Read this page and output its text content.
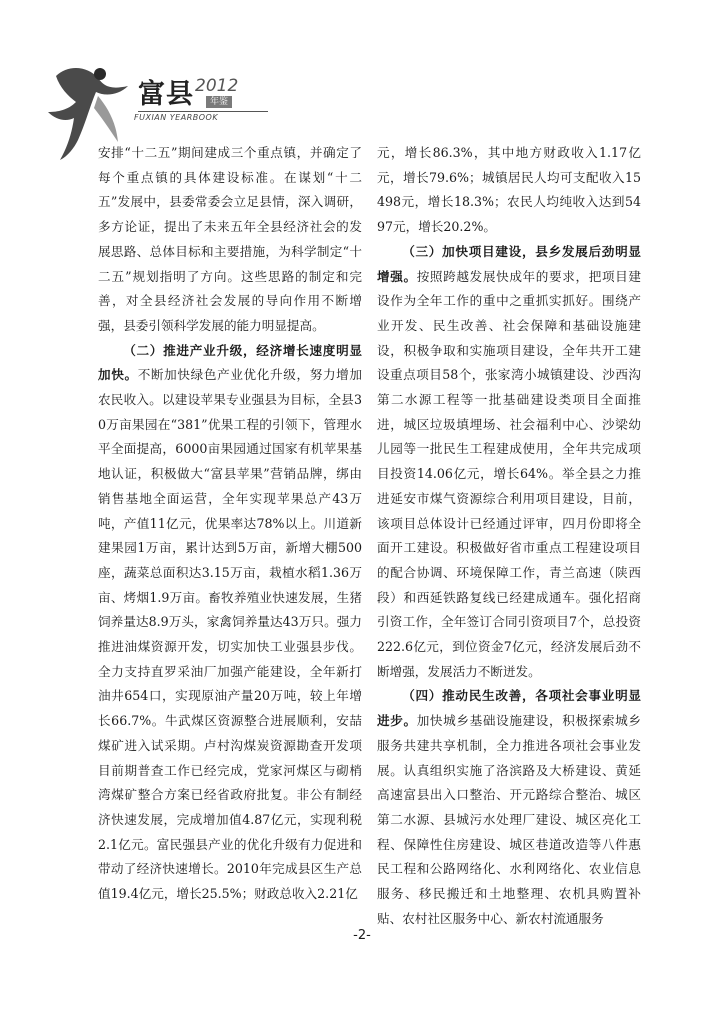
富县 2012
年鉴
FUXIAN YEARBOOK

安排“十二五”期间建成三个重点镇，并确定了每个重点镇的具体建设标准。在谋划“十二五”发展中，县委常委会立足县情，深入调研，多方论证，提出了未来五年全县经济社会的发展思路、总体目标和主要措施，为科学制定“十二五”规划指明了方向。这些思路的制定和完善，对全县经济社会发展的导向作用不断增强，县委引领科学发展的能力明显提高。

（二）推进产业升级，经济增长速度明显加快。不断加快绿色产业优化升级，努力增加农民收入。以建设苹果专业强县为目标，全县30万亩果园在“381”优果工程的引领下，管理水平全面提高，6000亩果园通过国家有机苹果基地认证，积极做大“富县苹果”营销品牌，绑由销售基地全面运营，全年实现苹果总产43万吨，产值11亿元，优果率达78%以上。川道新建果园1万亩，累计达到5万亩，新增大棚500座，蔬菜总面积达3.15万亩，栽植水稻1.36万亩、烤烟1.9万亩。畜牧养殖业快速发展，生猪饲养量达8.9万头，家禽饲养量达43万只。强力推进油煤资源开发，切实加快工业强县步伐。全力支持直罗采油厂加强产能建设，全年新打油井654口，实现原油产量20万吨，较上年增长66.7%。牛武煤区资源整合进展顺利，安喆煤矿进入试采期。卢村沟煤炭资源勘查开发项目前期普查工作已经完成，党家河煤区与砌梢湾煤矿整合方案已经省政府批复。非公有制经济快速发展，完成增加值4.87亿元，实现利税2.1亿元。富民强县产业的优化升级有力促进和带动了经济快速增长。2010年完成县区生产总值19.4亿元，增长25.5%；财政总收入2.21亿

元，增长86.3%，其中地方财政收入1.17亿元，增长79.6%；城镇居民人均可支配收入15498元，增长18.3%；农民人均纯收入达到5497元，增长20.2%。

（三）加快项目建设，县乡发展后劲明显增强。按照跨越发展快成年的要求，把项目建设作为全年工作的重中之重抓实抓好。围绕产业开发、民生改善、社会保障和基础设施建设，积极争取和实施项目建设，全年共开工建设重点项目58个，张家湾小城镇建设、沙西沟第二水源工程等一批基础建设类项目全面推进，城区垃圾填埋场、社会福利中心、沙梁幼儿园等一批民生工程建成使用，全年共完成项目投资14.06亿元，增长64%。举全县之力推进延安市煤气资源综合利用项目建设，目前，该项目总体设计已经通过评审，四月份即将全面开工建设。积极做好省市重点工程建设项目的配合协调、环境保障工作，青兰高速（陕西段）和西延铁路复线已经建成通车。强化招商引资工作，全年签订合同引资项目7个，总投资222.6亿元，到位资金7亿元，经济发展后劲不断增强，发展活力不断迸发。

（四）推动民生改善，各项社会事业明显进步。加快城乡基础设施建设，积极探索城乡服务共建共享机制，全力推进各项社会事业发展。认真组织实施了洛滨路及大桥建设、黄延高速富县出入口整治、开元路综合整治、城区第二水源、县城污水处理厂建设、城区亮化工程、保障性住房建设、城区巷道改造等八件惠民工程和公路网络化、水利网络化、农业信息服务、移民搬迁和土地整理、农机具购置补贴、农村社区服务中心、新农村流通服务

-2-
